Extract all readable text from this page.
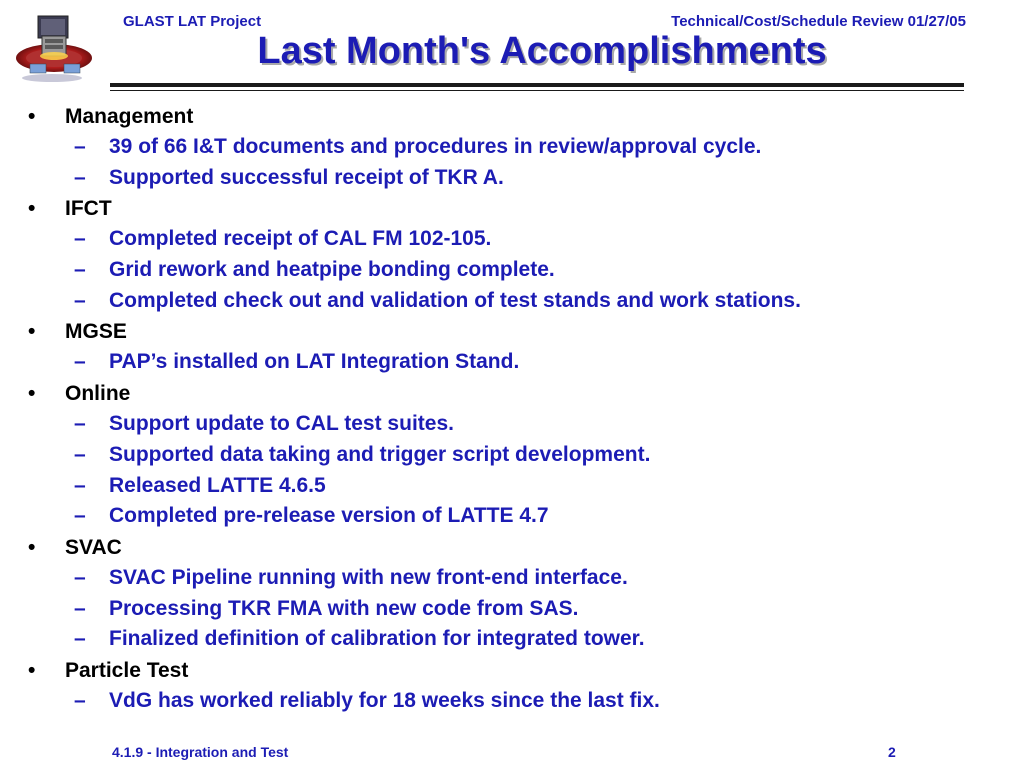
GLAST LAT Project	Technical/Cost/Schedule Review 01/27/05
Last Month's Accomplishments
• Management
– 39 of 66 I&T documents and procedures in review/approval cycle.
– Supported successful receipt of TKR A.
• IFCT
– Completed receipt of CAL FM 102-105.
– Grid rework and heatpipe bonding complete.
– Completed check out and validation of test stands and work stations.
• MGSE
– PAP’s installed on LAT Integration Stand.
• Online
– Support update to CAL test suites.
– Supported data taking and trigger script development.
– Released LATTE 4.6.5
– Completed pre-release version of LATTE 4.7
• SVAC
– SVAC Pipeline running with new front-end interface.
– Processing TKR FMA with new code from SAS.
– Finalized definition of calibration for integrated tower.
• Particle Test
– VdG has worked reliably for 18 weeks since the last fix.
4.1.9 - Integration and Test	2
